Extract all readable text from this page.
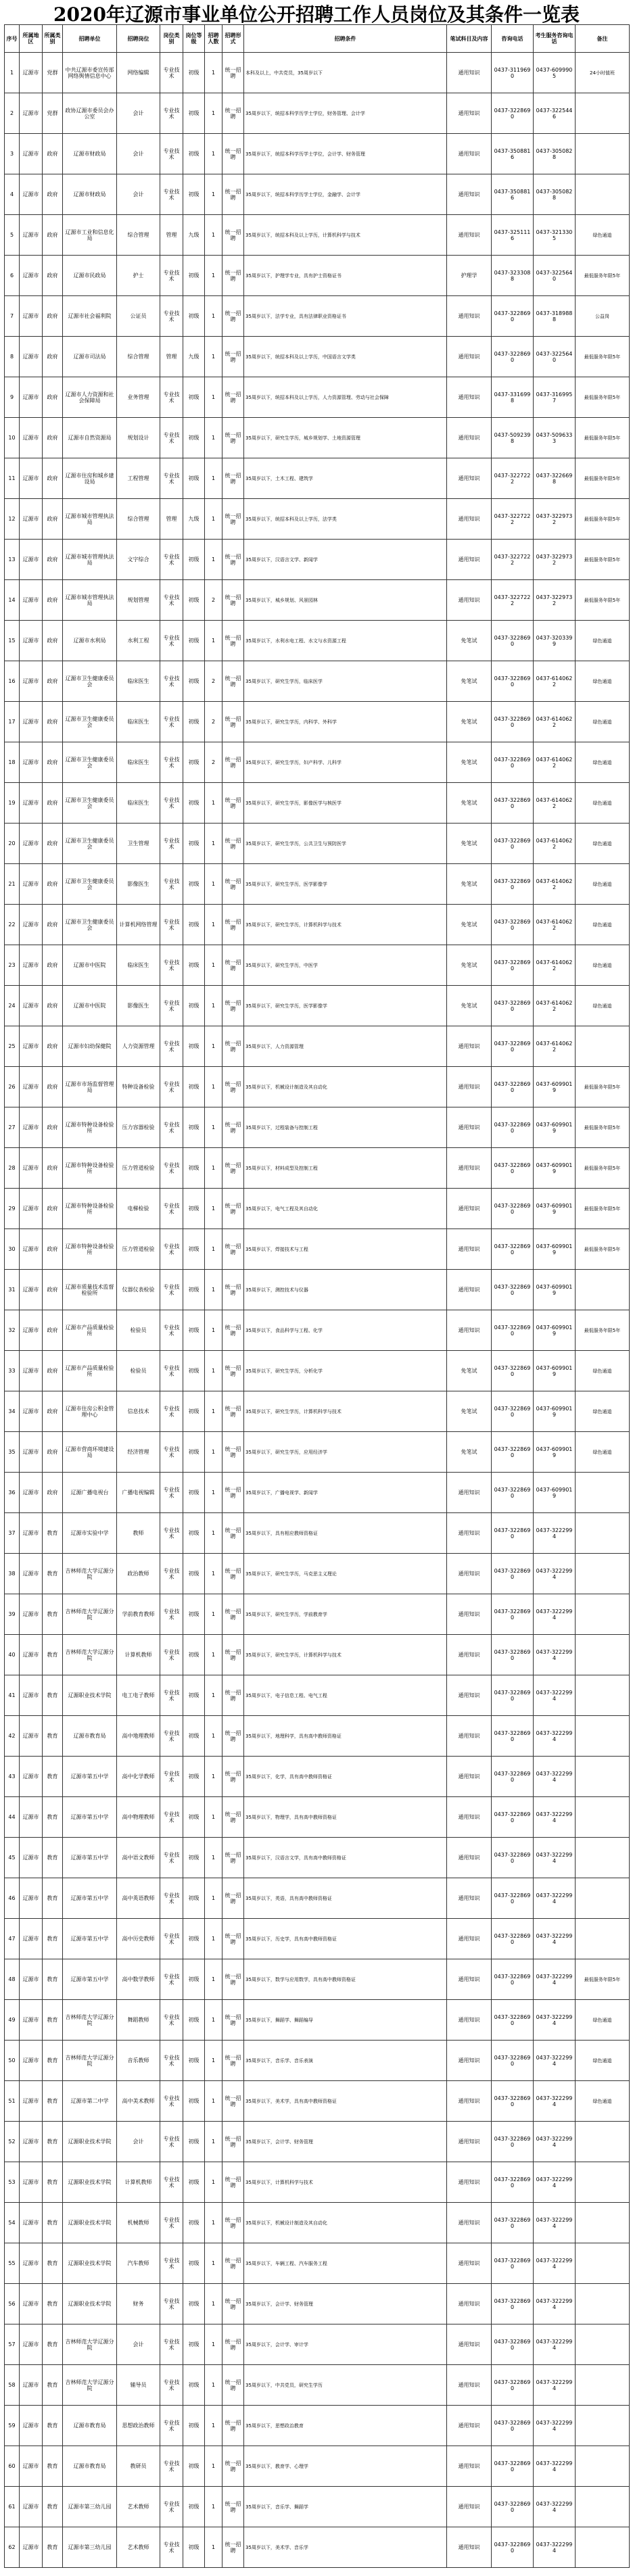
2020年辽源市事业单位公开招聘工作人员岗位及其条件一览表
序号	所属地区	所属类别	招聘单位	招聘岗位	岗位类别	岗位等级	招聘人数	招聘形式	招聘条件	笔试科目及内容	咨询电话	考生服务咨询电话	备注
1	辽源市	党群	中共辽源市委宣传部网络舆情信息中心	网络编辑	专业技术	初级	1	统一招聘	本科及以上，中共党员，35周岁以下	通用知识	0437-3119690	0437-6099905	24小时值班
2	辽源市	党群	政协辽源市委员会办公室	会计	专业技术	初级	1	统一招聘	35周岁以下，统招本科学历学士学位，财务管理、会计学	通用知识	0437-3228690	0437-3225446	
3	辽源市	政府	辽源市财政局	会计	专业技术	初级	1	统一招聘	35周岁以下，统招本科学历学士学位，会计学、财务管理	通用知识	0437-3508816	0437-3050828	
4	辽源市	政府	辽源市财政局	会计	专业技术	初级	1	统一招聘	35周岁以下，统招本科学历学士学位，金融学、会计学	通用知识	0437-3508816	0437-3050828	
5	辽源市	政府	辽源市工业和信息化局	综合管理	管理	九级	1	统一招聘	35周岁以下，统招本科及以上学历，计算机科学与技术	通用知识	0437-3251116	0437-3213305	绿色通道
6	辽源市	政府	辽源市民政局	护士	专业技术	初级	1	统一招聘	35周岁以下，护理学专业，具有护士资格证书	护理学	0437-3233088	0437-3225640	最低服务年限5年
7	辽源市	政府	辽源市社会福利院	公证员	专业技术	初级	1	统一招聘	35周岁以下，法学专业，具有法律职业资格证书	通用知识	0437-3228690	0437-3189888	公益岗
8	辽源市	政府	辽源市司法局	综合管理	管理	九级	1	统一招聘	35周岁以下，统招本科及以上学历，中国语言文学类	通用知识	0437-3228690	0437-3225640	最低服务年限5年
9	辽源市	政府	辽源市人力资源和社会保障局	业务管理	专业技术	初级	1	统一招聘	35周岁以下，统招本科及以上学历，人力资源管理、劳动与社会保障	通用知识	0437-3316998	0437-3169957	最低服务年限5年
10	辽源市	政府	辽源市自然资源局	规划设计	专业技术	初级	1	统一招聘	35周岁以下，研究生学历，城乡规划学、土地资源管理	通用知识	0437-5092398	0437-5096333	最低服务年限5年
11	辽源市	政府	辽源市住房和城乡建设局	工程管理	专业技术	初级	1	统一招聘	35周岁以下，土木工程、建筑学	通用知识	0437-3227222	0437-3226698	最低服务年限5年
12	辽源市	政府	辽源市城市管理执法局	综合管理	管理	九级	1	统一招聘	35周岁以下，统招本科及以上学历，法学类	通用知识	0437-3227222	0437-3229732	最低服务年限5年
13	辽源市	政府	辽源市城市管理执法局	文字综合	专业技术	初级	1	统一招聘	35周岁以下，汉语言文学、新闻学	通用知识	0437-3227222	0437-3229732	最低服务年限5年
14	辽源市	政府	辽源市城市管理执法局	规划管理	专业技术	初级	2	统一招聘	35周岁以下，城乡规划、风景园林	通用知识	0437-3227222	0437-3229732	最低服务年限5年
15	辽源市	政府	辽源市水利局	水利工程	专业技术	初级	1	统一招聘	35周岁以下，水利水电工程、水文与水资源工程	免笔试	0437-3228690	0437-3203399	绿色通道
16	辽源市	政府	辽源市卫生健康委员会	临床医生	专业技术	初级	2	统一招聘	35周岁以下，研究生学历，临床医学	免笔试	0437-3228690	0437-6140622	绿色通道
17	辽源市	政府	辽源市卫生健康委员会	临床医生	专业技术	初级	2	统一招聘	35周岁以下，研究生学历，内科学、外科学	免笔试	0437-3228690	0437-6140622	绿色通道
18	辽源市	政府	辽源市卫生健康委员会	临床医生	专业技术	初级	2	统一招聘	35周岁以下，研究生学历，妇产科学、儿科学	免笔试	0437-3228690	0437-6140622	绿色通道
19	辽源市	政府	辽源市卫生健康委员会	临床医生	专业技术	初级	1	统一招聘	35周岁以下，研究生学历，影像医学与核医学	免笔试	0437-3228690	0437-6140622	绿色通道
20	辽源市	政府	辽源市卫生健康委员会	卫生管理	专业技术	初级	1	统一招聘	35周岁以下，研究生学历，公共卫生与预防医学	免笔试	0437-3228690	0437-6140622	绿色通道
21	辽源市	政府	辽源市卫生健康委员会	影像医生	专业技术	初级	1	统一招聘	35周岁以下，研究生学历，医学影像学	免笔试	0437-3228690	0437-6140622	绿色通道
22	辽源市	政府	辽源市卫生健康委员会	计算机网络管理	专业技术	初级	1	统一招聘	35周岁以下，研究生学历，计算机科学与技术	免笔试	0437-3228690	0437-6140622	绿色通道
23	辽源市	政府	辽源市中医院	临床医生	专业技术	初级	1	统一招聘	35周岁以下，研究生学历，中医学	免笔试	0437-3228690	0437-6140622	绿色通道
24	辽源市	政府	辽源市中医院	影像医生	专业技术	初级	1	统一招聘	35周岁以下，研究生学历，医学影像学	免笔试	0437-3228690	0437-6140622	绿色通道
25	辽源市	政府	辽源市妇幼保健院	人力资源管理	专业技术	初级	1	统一招聘	35周岁以下，人力资源管理	通用知识	0437-3228690	0437-6140622	
26	辽源市	政府	辽源市市场监督管理局	特种设备检验	专业技术	初级	1	统一招聘	35周岁以下，机械设计制造及其自动化	通用知识	0437-3228690	0437-6099019	最低服务年限5年
27	辽源市	政府	辽源市特种设备检验所	压力容器检验	专业技术	初级	1	统一招聘	35周岁以下，过程装备与控制工程	通用知识	0437-3228690	0437-6099019	最低服务年限5年
28	辽源市	政府	辽源市特种设备检验所	压力管道检验	专业技术	初级	1	统一招聘	35周岁以下，材料成型及控制工程	通用知识	0437-3228690	0437-6099019	最低服务年限5年
29	辽源市	政府	辽源市特种设备检验所	电梯检验	专业技术	初级	1	统一招聘	35周岁以下，电气工程及其自动化	通用知识	0437-3228690	0437-6099019	最低服务年限5年
30	辽源市	政府	辽源市特种设备检验所	压力管道检验	专业技术	初级	1	统一招聘	35周岁以下，焊接技术与工程	通用知识	0437-3228690	0437-6099019	最低服务年限5年
31	辽源市	政府	辽源市质量技术监督检验所	仪器仪表检验	专业技术	初级	1	统一招聘	35周岁以下，测控技术与仪器	通用知识	0437-3228690	0437-6099019	
32	辽源市	政府	辽源市产品质量检验所	检验员	专业技术	初级	1	统一招聘	35周岁以下，食品科学与工程、化学	通用知识	0437-3228690	0437-6099019	最低服务年限5年
33	辽源市	政府	辽源市产品质量检验所	检验员	专业技术	初级	1	统一招聘	35周岁以下，研究生学历，分析化学	免笔试	0437-3228690	0437-6099019	绿色通道
34	辽源市	政府	辽源市住房公积金管理中心	信息技术	专业技术	初级	1	统一招聘	35周岁以下，研究生学历，计算机科学与技术	免笔试	0437-3228690	0437-6099019	绿色通道
35	辽源市	政府	辽源市营商环境建设局	经济管理	专业技术	初级	1	统一招聘	35周岁以下，研究生学历，应用经济学	免笔试	0437-3228690	0437-6099019	绿色通道
36	辽源市	政府	辽源广播电视台	广播电视编辑	专业技术	初级	1	统一招聘	35周岁以下，广播电视学、新闻学	通用知识	0437-3228690	0437-6099019	
37	辽源市	教育	辽源市实验中学	教师	专业技术	初级	1	统一招聘	35周岁以下，具有相应教师资格证	通用知识	0437-3228690	0437-3222994	
38	辽源市	教育	吉林师范大学辽源分院	政治教师	专业技术	初级	1	统一招聘	35周岁以下，研究生学历，马克思主义理论	通用知识	0437-3228690	0437-3222994	
39	辽源市	教育	吉林师范大学辽源分院	学前教育教师	专业技术	初级	1	统一招聘	35周岁以下，研究生学历，学前教育学	通用知识	0437-3228690	0437-3222994	
40	辽源市	教育	吉林师范大学辽源分院	计算机教师	专业技术	初级	1	统一招聘	35周岁以下，研究生学历，计算机科学与技术	通用知识	0437-3228690	0437-3222994	
41	辽源市	教育	辽源职业技术学院	电工电子教师	专业技术	初级	1	统一招聘	35周岁以下，电子信息工程、电气工程	通用知识	0437-3228690	0437-3222994	
42	辽源市	教育	辽源市教育局	高中地理教师	专业技术	初级	1	统一招聘	35周岁以下，地理科学，具有高中教师资格证	通用知识	0437-3228690	0437-3222994	
43	辽源市	教育	辽源市第五中学	高中化学教师	专业技术	初级	1	统一招聘	35周岁以下，化学，具有高中教师资格证	通用知识	0437-3228690	0437-3222994	
44	辽源市	教育	辽源市第五中学	高中物理教师	专业技术	初级	1	统一招聘	35周岁以下，物理学，具有高中教师资格证	通用知识	0437-3228690	0437-3222994	
45	辽源市	教育	辽源市第五中学	高中语文教师	专业技术	初级	1	统一招聘	35周岁以下，汉语言文学，具有高中教师资格证	通用知识	0437-3228690	0437-3222994	
46	辽源市	教育	辽源市第五中学	高中英语教师	专业技术	初级	1	统一招聘	35周岁以下，英语，具有高中教师资格证	通用知识	0437-3228690	0437-3222994	
47	辽源市	教育	辽源市第五中学	高中历史教师	专业技术	初级	1	统一招聘	35周岁以下，历史学，具有高中教师资格证	通用知识	0437-3228690	0437-3222994	
48	辽源市	教育	辽源市第五中学	高中数学教师	专业技术	初级	1	统一招聘	35周岁以下，数学与应用数学，具有高中教师资格证	通用知识	0437-3228690	0437-3222994	最低服务年限5年
49	辽源市	教育	吉林师范大学辽源分院	舞蹈教师	专业技术	初级	1	统一招聘	35周岁以下，舞蹈学、舞蹈编导	通用知识	0437-3228690	0437-3222994	绿色通道
50	辽源市	教育	吉林师范大学辽源分院	音乐教师	专业技术	初级	1	统一招聘	35周岁以下，音乐学、音乐表演	通用知识	0437-3228690	0437-3222994	绿色通道
51	辽源市	教育	辽源市第二中学	高中美术教师	专业技术	初级	1	统一招聘	35周岁以下，美术学，具有高中教师资格证	通用知识	0437-3228690	0437-3222994	绿色通道
52	辽源市	教育	辽源职业技术学院	会计	专业技术	初级	1	统一招聘	35周岁以下，会计学、财务管理	通用知识	0437-3228690	0437-3222994	
53	辽源市	教育	辽源职业技术学院	计算机教师	专业技术	初级	1	统一招聘	35周岁以下，计算机科学与技术	通用知识	0437-3228690	0437-3222994	
54	辽源市	教育	辽源职业技术学院	机械教师	专业技术	初级	1	统一招聘	35周岁以下，机械设计制造及其自动化	通用知识	0437-3228690	0437-3222994	
55	辽源市	教育	辽源职业技术学院	汽车教师	专业技术	初级	1	统一招聘	35周岁以下，车辆工程、汽车服务工程	通用知识	0437-3228690	0437-3222994	
56	辽源市	教育	辽源职业技术学院	财务	专业技术	初级	1	统一招聘	35周岁以下，会计学、财务管理	通用知识	0437-3228690	0437-3222994	
57	辽源市	教育	吉林师范大学辽源分院	会计	专业技术	初级	1	统一招聘	35周岁以下，会计学、审计学	通用知识	0437-3228690	0437-3222994	
58	辽源市	教育	吉林师范大学辽源分院	辅导员	专业技术	初级	1	统一招聘	35周岁以下，中共党员，研究生学历	通用知识	0437-3228690	0437-3222994	
59	辽源市	教育	辽源市教育局	思想政治教师	专业技术	初级	1	统一招聘	35周岁以下，思想政治教育	通用知识	0437-3228690	0437-3222994	
60	辽源市	教育	辽源市教育局	教研员	专业技术	初级	1	统一招聘	35周岁以下，教育学、心理学	通用知识	0437-3228690	0437-3222994	
61	辽源市	教育	辽源市第三幼儿园	艺术教师	专业技术	初级	1	统一招聘	35周岁以下，音乐学、舞蹈学	通用知识	0437-3228690	0437-3222994	
62	辽源市	教育	辽源市第三幼儿园	艺术教师	专业技术	初级	1	统一招聘	35周岁以下，美术学、音乐学	通用知识	0437-3228690	0437-3222994	
